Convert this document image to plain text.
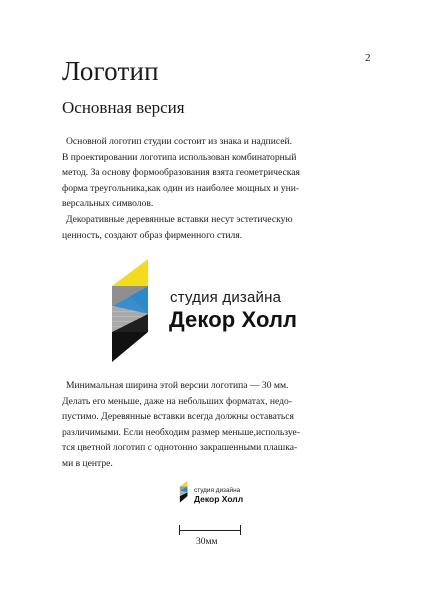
2
Логотип
Основная версия
Основной логотип студии состоит из знака и надписей.
В проектировании логотипа использован комбинаторный
метод. За основу формообразования взята геометрическая
форма треугольника,как один из наиболее мощных и уни-
версальных символов.
Декоративные деревянные вставки несут эстетическую
ценность, создают образ фирменного стиля.
студия дизайна
Декор Холл
Минимальная ширина этой версии логотипа — 30 мм.
Делать его меньше, даже на небольших форматах, недо-
пустимо. Деревянные вставки всегда должны оставаться
различимыми. Если необходим размер меньше,используе-
тся цветной логотип с однотонно закрашенными плашка-
ми в центре.
студия дизайна
Декор Холл
30мм
